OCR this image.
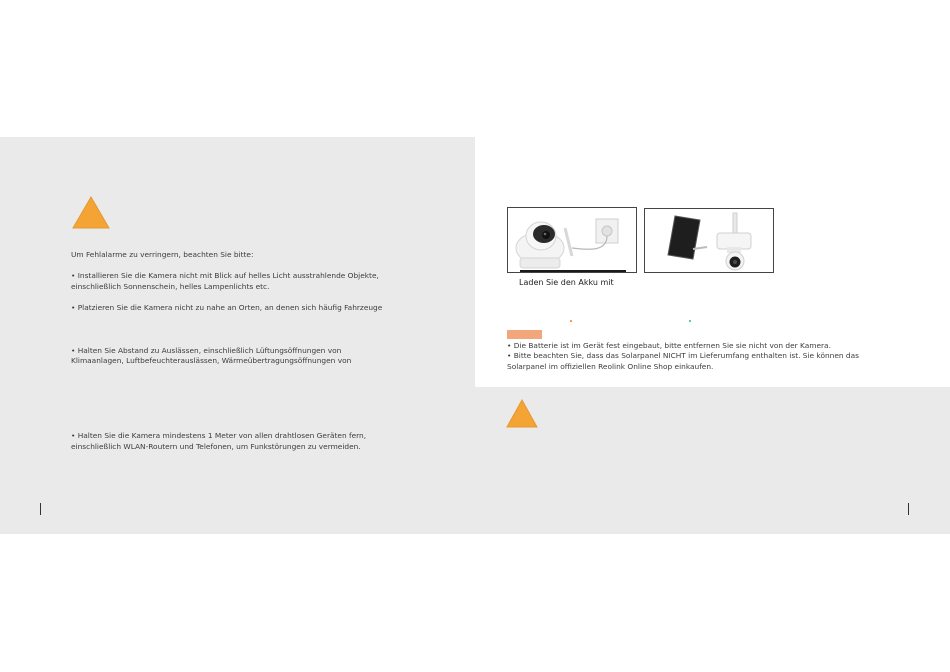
Um Fehlalarme zu verringern, beachten Sie bitte:
• Installieren Sie die Kamera nicht mit Blick auf helles Licht ausstrahlende Objekte,
einschließlich Sonnenschein, helles Lampenlichts etc.
• Platzieren Sie die Kamera nicht zu nahe an Orten, an denen sich häufig Fahrzeuge
• Halten Sie Abstand zu Auslässen, einschließlich Lüftungsöffnungen von
Klimaanlagen, Luftbefeuchterauslässen, Wärmeübertragungsöffnungen von
• Halten Sie die Kamera mindestens 1 Meter von allen drahtlosen Geräten fern,
einschließlich WLAN-Routern und Telefonen, um Funkstörungen zu vermeiden.
Laden Sie den Akku mit
• Die Batterie ist im Gerät fest eingebaut, bitte entfernen Sie sie nicht von der Kamera.
• Bitte beachten Sie, dass das Solarpanel NICHT im Lieferumfang enthalten ist. Sie können das
Solarpanel im offiziellen Reolink Online Shop einkaufen.
